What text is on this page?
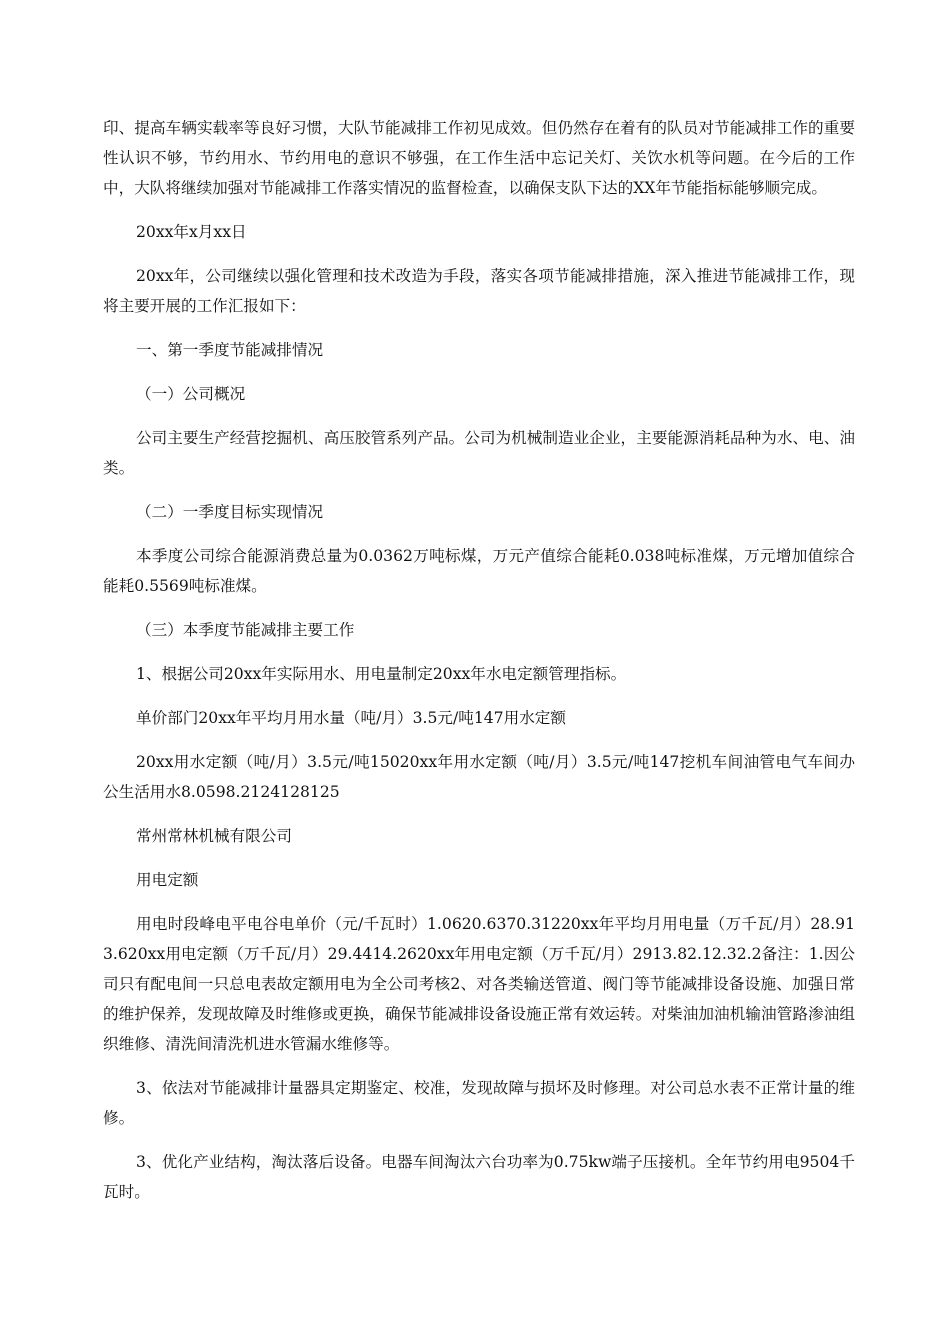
印、提高车辆实载率等良好习惯，大队节能减排工作初见成效。但仍然存在着有的队员对节能减排工作的重要性认识不够，节约用水、节约用电的意识不够强，在工作生活中忘记关灯、关饮水机等问题。在今后的工作中，大队将继续加强对节能减排工作落实情况的监督检查，以确保支队下达的XX年节能指标能够顺完成。

20xx年x月xx日

20xx年，公司继续以强化管理和技术改造为手段，落实各项节能减排措施，深入推进节能减排工作，现将主要开展的工作汇报如下：

一、第一季度节能减排情况

（一）公司概况

公司主要生产经营挖掘机、高压胶管系列产品。公司为机械制造业企业，主要能源消耗品种为水、电、油类。

（二）一季度目标实现情况

本季度公司综合能源消费总量为0.0362万吨标煤，万元产值综合能耗0.038吨标准煤，万元增加值综合能耗0.5569吨标准煤。

（三）本季度节能减排主要工作

1、根据公司20xx年实际用水、用电量制定20xx年水电定额管理指标。

单价部门20xx年平均月用水量（吨/月）3.5元/吨147用水定额

20xx用水定额（吨/月）3.5元/吨15020xx年用水定额（吨/月）3.5元/吨147挖机车间油管电气车间办公生活用水8.0598.2124128125

常州常林机械有限公司

用电定额

用电时段峰电平电谷电单价（元/千瓦时）1.0620.6370.31220xx年平均月用电量（万千瓦/月）28.913.620xx用电定额（万千瓦/月）29.4414.2620xx年用电定额（万千瓦/月）2913.82.12.32.2备注：1.因公司只有配电间一只总电表故定额用电为全公司考核2、对各类输送管道、阀门等节能减排设备设施、加强日常的维护保养，发现故障及时维修或更换，确保节能减排设备设施正常有效运转。对柴油加油机输油管路渗油组织维修、清洗间清洗机进水管漏水维修等。

3、依法对节能减排计量器具定期鉴定、校准，发现故障与损坏及时修理。对公司总水表不正常计量的维修。

3、优化产业结构，淘汰落后设备。电器车间淘汰六台功率为0.75kw端子压接机。全年节约用电9504千瓦时。
